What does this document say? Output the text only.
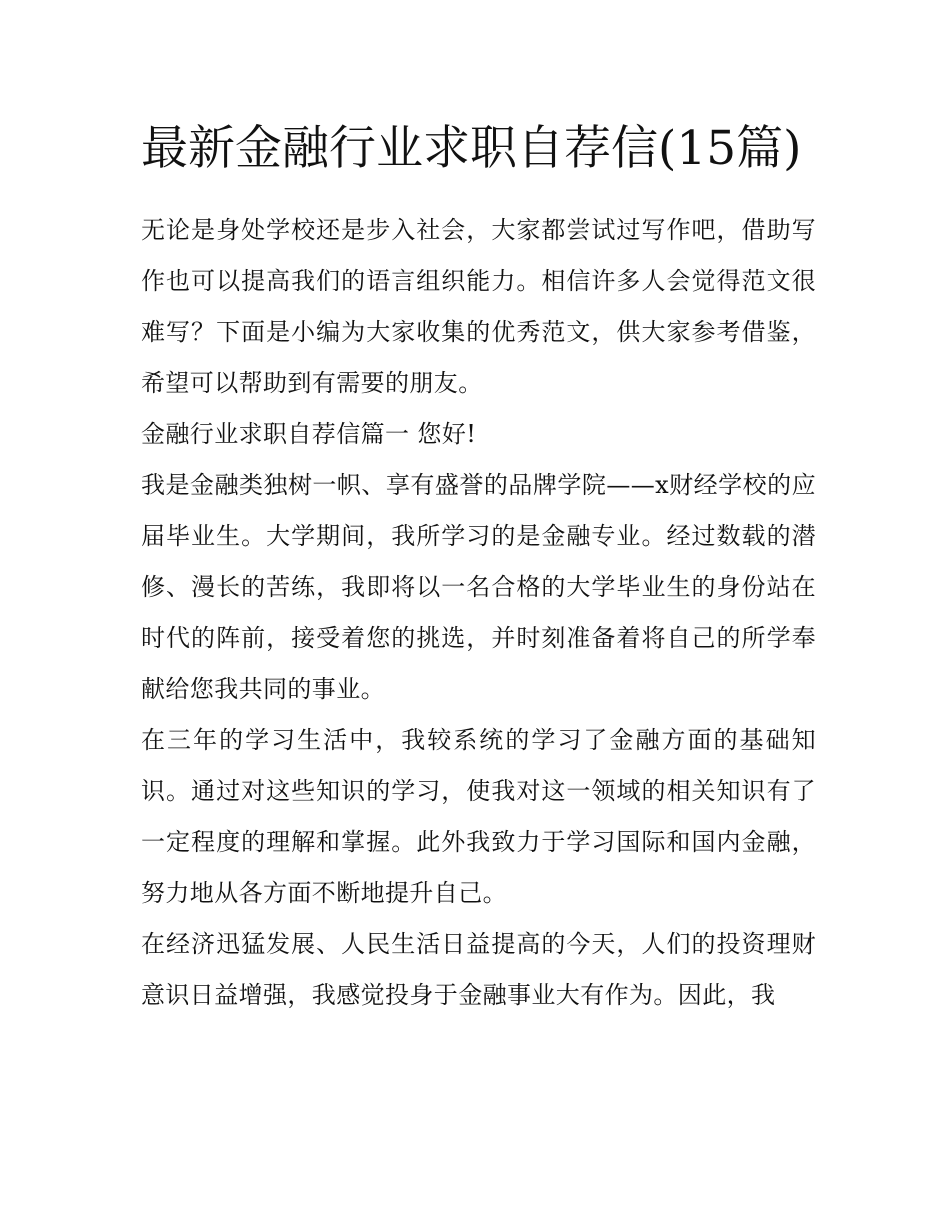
最新金融行业求职自荐信(15篇)

无论是身处学校还是步入社会，大家都尝试过写作吧，借助写作也可以提高我们的语言组织能力。相信许多人会觉得范文很难写？下面是小编为大家收集的优秀范文，供大家参考借鉴，希望可以帮助到有需要的朋友。

金融行业求职自荐信篇一 您好!

我是金融类独树一帜、享有盛誉的品牌学院——x财经学校的应届毕业生。大学期间，我所学习的是金融专业。经过数载的潜修、漫长的苦练，我即将以一名合格的大学毕业生的身份站在时代的阵前，接受着您的挑选，并时刻准备着将自己的所学奉献给您我共同的事业。

在三年的学习生活中，我较系统的学习了金融方面的基础知识。通过对这些知识的学习，使我对这一领域的相关知识有了一定程度的理解和掌握。此外我致力于学习国际和国内金融，努力地从各方面不断地提升自己。

在经济迅猛发展、人民生活日益提高的今天，人们的投资理财意识日益增强，我感觉投身于金融事业大有作为。因此，我
